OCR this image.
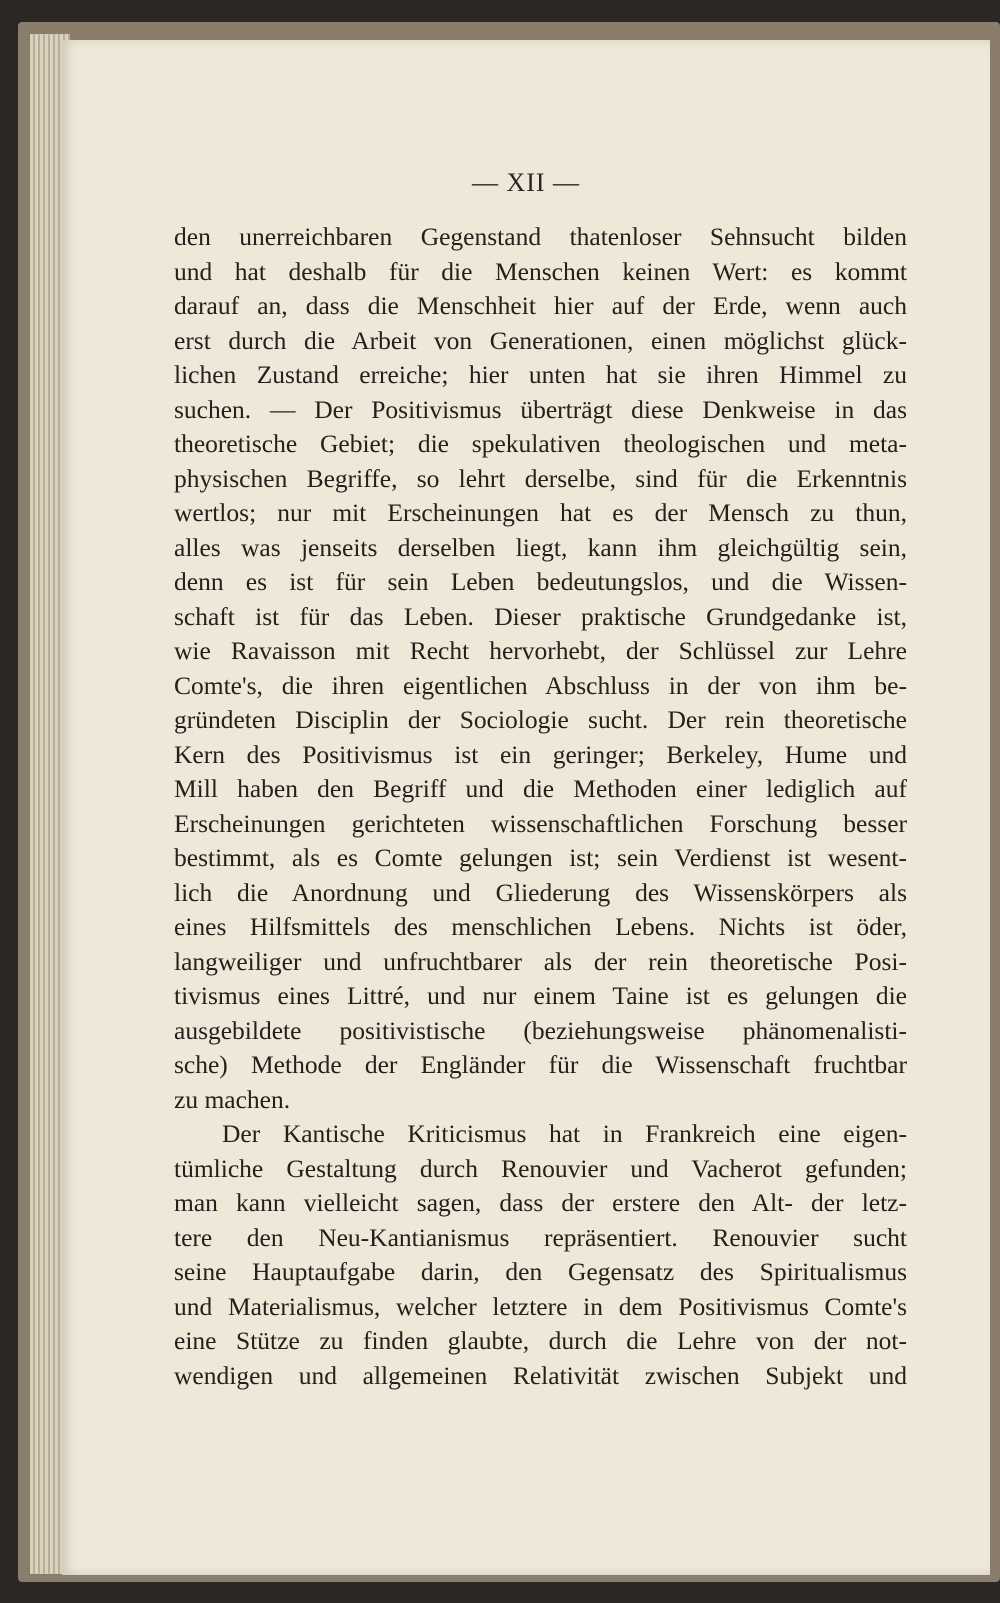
— XII —
den unerreichbaren Gegenstand thatenloser Sehnsucht bilden
und hat deshalb für die Menschen keinen Wert: es kommt
darauf an, dass die Menschheit hier auf der Erde, wenn auch
erst durch die Arbeit von Generationen, einen möglichst glück-
lichen Zustand erreiche; hier unten hat sie ihren Himmel zu
suchen. — Der Positivismus überträgt diese Denkweise in das
theoretische Gebiet; die spekulativen theologischen und meta-
physischen Begriffe, so lehrt derselbe, sind für die Erkenntnis
wertlos; nur mit Erscheinungen hat es der Mensch zu thun,
alles was jenseits derselben liegt, kann ihm gleichgültig sein,
denn es ist für sein Leben bedeutungslos, und die Wissen-
schaft ist für das Leben. Dieser praktische Grundgedanke ist,
wie Ravaisson mit Recht hervorhebt, der Schlüssel zur Lehre
Comte's, die ihren eigentlichen Abschluss in der von ihm be-
gründeten Disciplin der Sociologie sucht. Der rein theoretische
Kern des Positivismus ist ein geringer; Berkeley, Hume und
Mill haben den Begriff und die Methoden einer lediglich auf
Erscheinungen gerichteten wissenschaftlichen Forschung besser
bestimmt, als es Comte gelungen ist; sein Verdienst ist wesent-
lich die Anordnung und Gliederung des Wissenskörpers als
eines Hilfsmittels des menschlichen Lebens. Nichts ist öder,
langweiliger und unfruchtbarer als der rein theoretische Posi-
tivismus eines Littré, und nur einem Taine ist es gelungen die
ausgebildete positivistische (beziehungsweise phänomenalisti-
sche) Methode der Engländer für die Wissenschaft fruchtbar
zu machen.
Der Kantische Kriticismus hat in Frankreich eine eigen-
tümliche Gestaltung durch Renouvier und Vacherot gefunden;
man kann vielleicht sagen, dass der erstere den Alt- der letz-
tere den Neu-Kantianismus repräsentiert. Renouvier sucht
seine Hauptaufgabe darin, den Gegensatz des Spiritualismus
und Materialismus, welcher letztere in dem Positivismus Comte's
eine Stütze zu finden glaubte, durch die Lehre von der not-
wendigen und allgemeinen Relativität zwischen Subjekt und
